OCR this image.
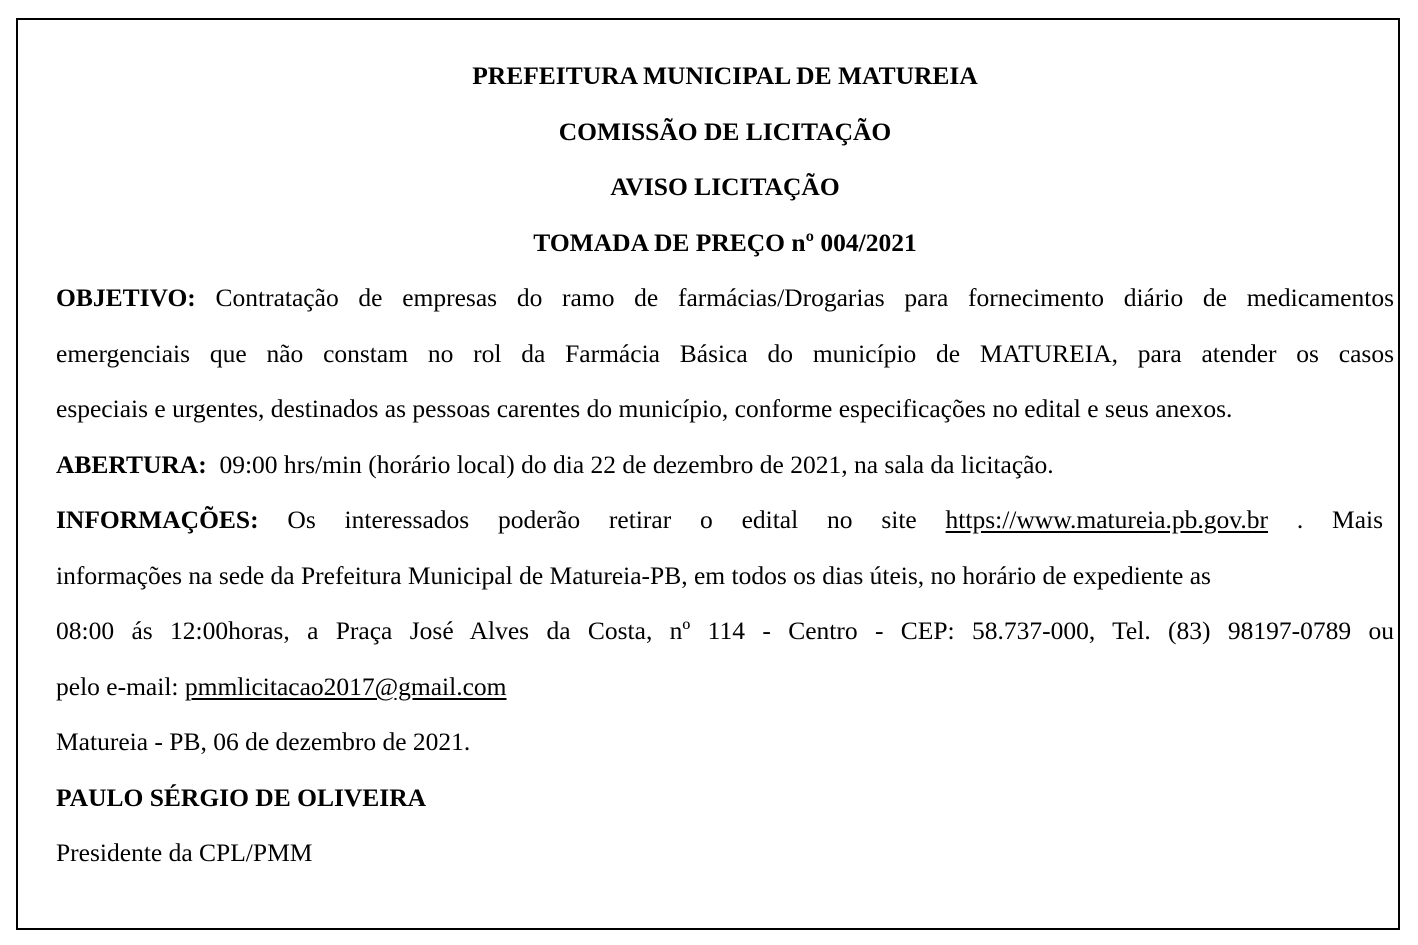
PREFEITURA MUNICIPAL DE MATUREIA
COMISSÃO DE LICITAÇÃO
AVISO LICITAÇÃO
TOMADA DE PREÇO nº 004/2021
OBJETIVO: Contratação de empresas do ramo de farmácias/Drogarias para fornecimento diário de medicamentos
emergenciais que não constam no rol da Farmácia Básica do município de MATUREIA, para atender os casos
especiais e urgentes, destinados as pessoas carentes do município, conforme especificações no edital e seus anexos.
ABERTURA: 09:00 hrs/min (horário local) do dia 22 de dezembro de 2021, na sala da licitação.
INFORMAÇÕES: Os interessados poderão retirar o edital no site https://www.matureia.pb.gov.br . Mais
informações na sede da Prefeitura Municipal de Matureia-PB, em todos os dias úteis, no horário de expediente as
08:00 ás 12:00horas, a Praça José Alves da Costa, nº 114 - Centro - CEP: 58.737-000, Tel. (83) 98197-0789 ou
pelo e-mail: pmmlicitacao2017@gmail.com
Matureia - PB, 06 de dezembro de 2021.
PAULO SÉRGIO DE OLIVEIRA
Presidente da CPL/PMM
